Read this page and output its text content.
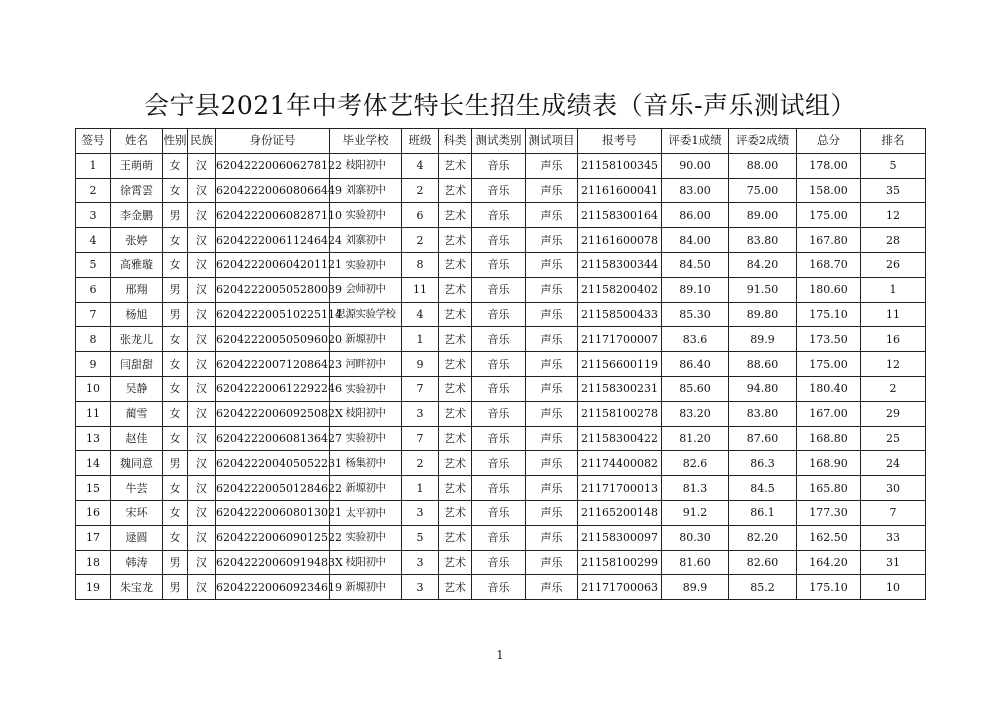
会宁县2021年中考体艺特长生招生成绩表（音乐-声乐测试组）
签号	姓名	性别	民族	身份证号	毕业学校	班级	科类	测试类别	测试项目	报考号	评委1成绩	评委2成绩	总分	排名
1	王萌萌	女	汉	620422200606278122	枝阳初中	4	艺术	音乐	声乐	21158100345	90.00	88.00	178.00	5
2	徐霄雲	女	汉	620422200608066449	刘寨初中	2	艺术	音乐	声乐	21161600041	83.00	75.00	158.00	35
3	李金鹏	男	汉	620422200608287110	实验初中	6	艺术	音乐	声乐	21158300164	86.00	89.00	175.00	12
4	张婷	女	汉	620422200611246424	刘寨初中	2	艺术	音乐	声乐	21161600078	84.00	83.80	167.80	28
5	高雅璇	女	汉	620422200604201121	实验初中	8	艺术	音乐	声乐	21158300344	84.50	84.20	168.70	26
6	邢翔	男	汉	620422200505280039	会师初中	11	艺术	音乐	声乐	21158200402	89.10	91.50	180.60	1
7	杨旭	男	汉	620422200510225114	思源实验学校	4	艺术	音乐	声乐	21158500433	85.30	89.80	175.10	11
8	张龙儿	女	汉	620422200505096020	新塬初中	1	艺术	音乐	声乐	21171700007	83.6	89.9	173.50	16
9	闫甜甜	女	汉	620422200712086423	河畔初中	9	艺术	音乐	声乐	21156600119	86.40	88.60	175.00	12
10	吴静	女	汉	620422200612292246	实验初中	7	艺术	音乐	声乐	21158300231	85.60	94.80	180.40	2
11	蔺雪	女	汉	62042220060925082X	枝阳初中	3	艺术	音乐	声乐	21158100278	83.20	83.80	167.00	29
13	赵佳	女	汉	620422200608136427	实验初中	7	艺术	音乐	声乐	21158300422	81.20	87.60	168.80	25
14	魏同意	男	汉	620422200405052231	杨集初中	2	艺术	音乐	声乐	21174400082	82.6	86.3	168.90	24
15	牛芸	女	汉	620422200501284622	新塬初中	1	艺术	音乐	声乐	21171700013	81.3	84.5	165.80	30
16	宋环	女	汉	620422200608013021	太平初中	3	艺术	音乐	声乐	21165200148	91.2	86.1	177.30	7
17	逯圆	女	汉	620422200609012522	实验初中	5	艺术	音乐	声乐	21158300097	80.30	82.20	162.50	33
18	韩涛	男	汉	62042220060919483X	枝阳初中	3	艺术	音乐	声乐	21158100299	81.60	82.60	164.20	31
19	朱宝龙	男	汉	620422200609234619	新塬初中	3	艺术	音乐	声乐	21171700063	89.9	85.2	175.10	10
1
